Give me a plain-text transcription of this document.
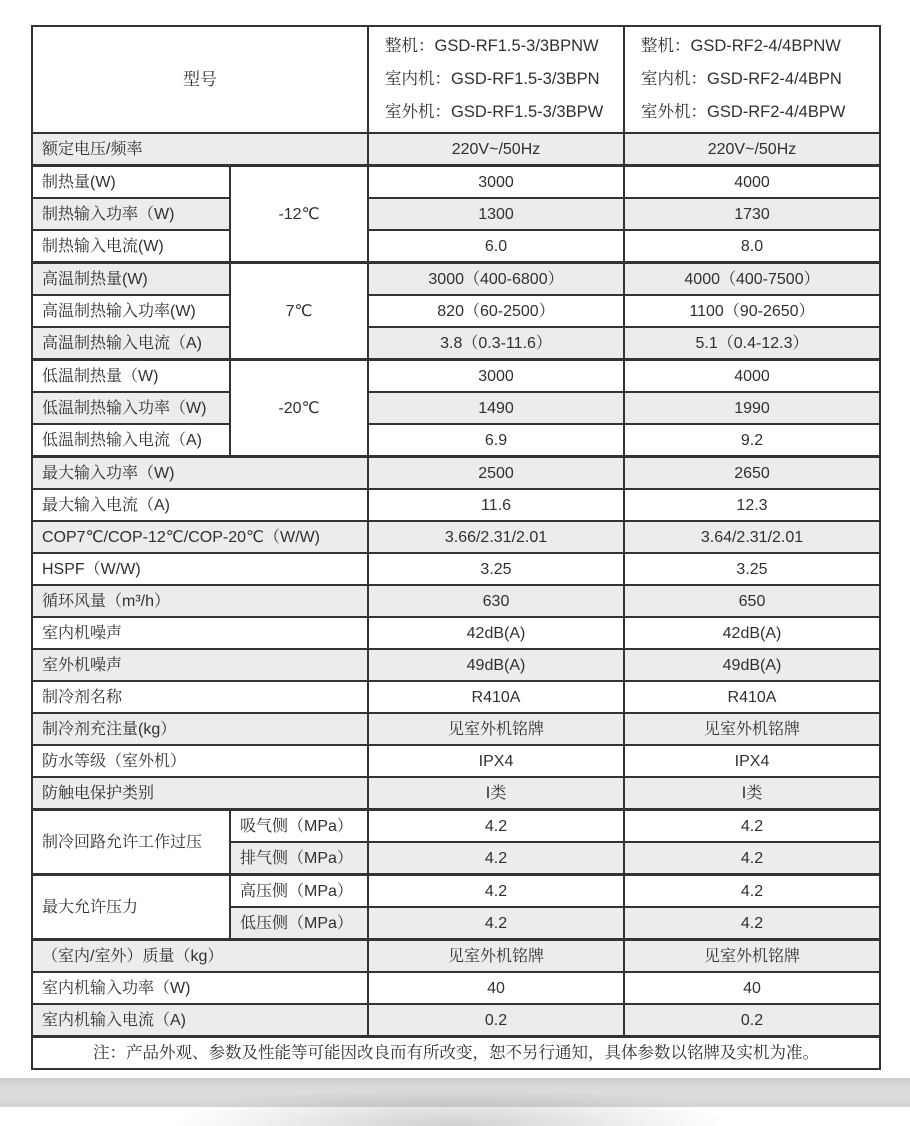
型号	
整机：GSD-RF1.5-3/3BPNW
室内机：GSD-RF1.5-3/3BPN
室外机：GSD-RF1.5-3/3BPW

整机：GSD-RF2-4/4BPNW
室内机：GSD-RF2-4/4BPN
室外机：GSD-RF2-4/4BPW

额定电压/频率		220V~/50Hz	220V~/50Hz
制热量(W)	-12℃	3000	4000
制热输入功率（W)		1300	1730
制热输入电流(W)		6.0	8.0
高温制热量(W)	7℃	3000（400-6800）	4000（400-7500）
高温制热输入功率(W)		820（60-2500）	1100（90-2650）
高温制热输入电流（A)		3.8（0.3-11.6）	5.1（0.4-12.3）
低温制热量（W)	-20℃	3000	4000
低温制热输入功率（W)		1490	1990
低温制热输入电流（A)		6.9	9.2
最大输入功率（W)		2500	2650
最大输入电流（A)		11.6	12.3
COP7℃/COP-12℃/COP-20℃（W/W)		3.66/2.31/2.01	3.64/2.31/2.01
HSPF（W/W)		3.25	3.25
循环风量（m³/h）		630	650
室内机噪声		42dB(A)	42dB(A)
室外机噪声		49dB(A)	49dB(A)
制冷剂名称		R410A	R410A
制冷剂充注量(kg）		见室外机铭牌	见室外机铭牌
防水等级（室外机）		IPX4	IPX4
防触电保护类别		Ⅰ类	Ⅰ类
制冷回路允许工作过压	吸气侧（MPa）	4.2	4.2
	排气侧（MPa）	4.2	4.2
最大允许压力	高压侧（MPa）	4.2	4.2
	低压侧（MPa）	4.2	4.2
（室内/室外）质量（kg）		见室外机铭牌	见室外机铭牌
室内机输入功率（W)		40	40
室内机输入电流（A)		0.2	0.2
注：产品外观、参数及性能等可能因改良而有所改变，恕不另行通知，具体参数以铭牌及实机为准。			
